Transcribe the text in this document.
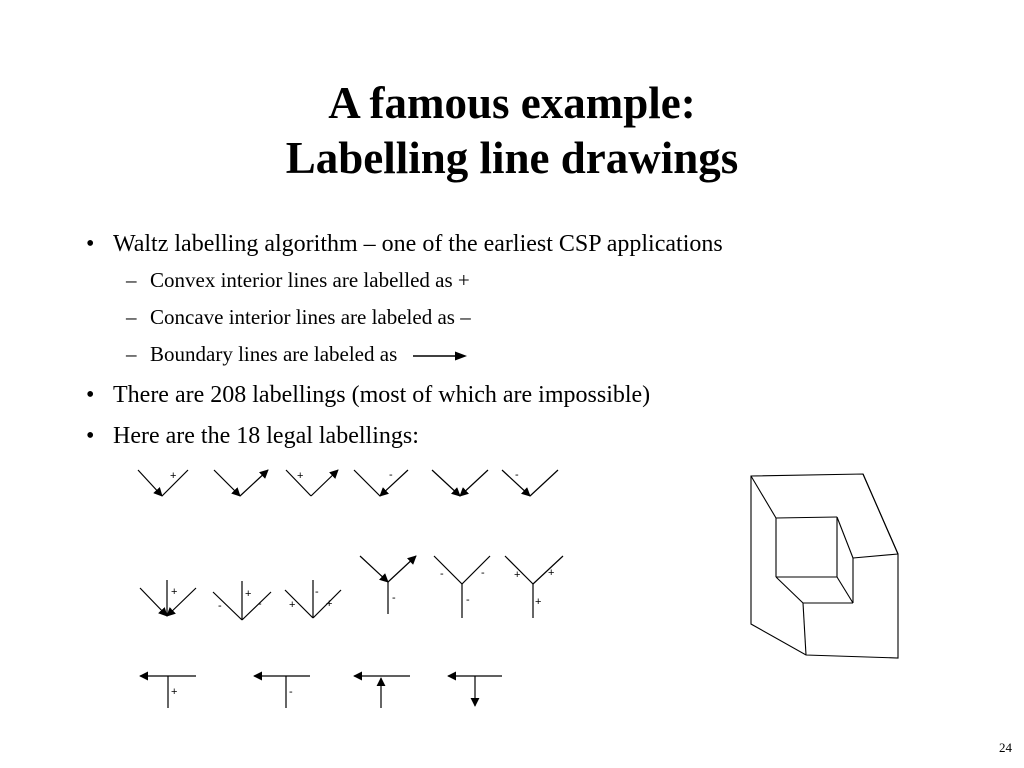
A famous example:
Labelling line drawings
• Waltz labelling algorithm – one of the earliest CSP applications
– Convex interior lines are labelled as +
– Concave interior lines are labeled as –
– Boundary lines are labeled as
• There are 208 labellings (most of which are impossible)
• Here are the 18 legal labellings:
+	+	-	-
+	+
-	-
-
+	+	-
-	-
-
+	+
+
+	-
24
